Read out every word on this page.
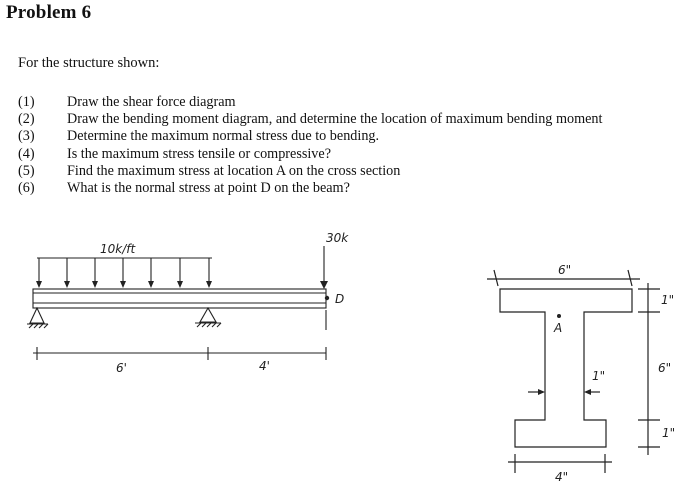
Problem 6
For the structure shown:
(1)	Draw the shear force diagram
(2)	Draw the bending moment diagram, and determine the location of maximum bending moment
(3)	Determine the maximum normal stress due to bending.
(4)	Is the maximum stress tensile or compressive?
(5)	Find the maximum stress at location A on the cross section
(6)	What is the normal stress at point D on the beam?
10k/ft
30k
D
6'	4'
6"
A
1"
6"
1"
1"
4"
